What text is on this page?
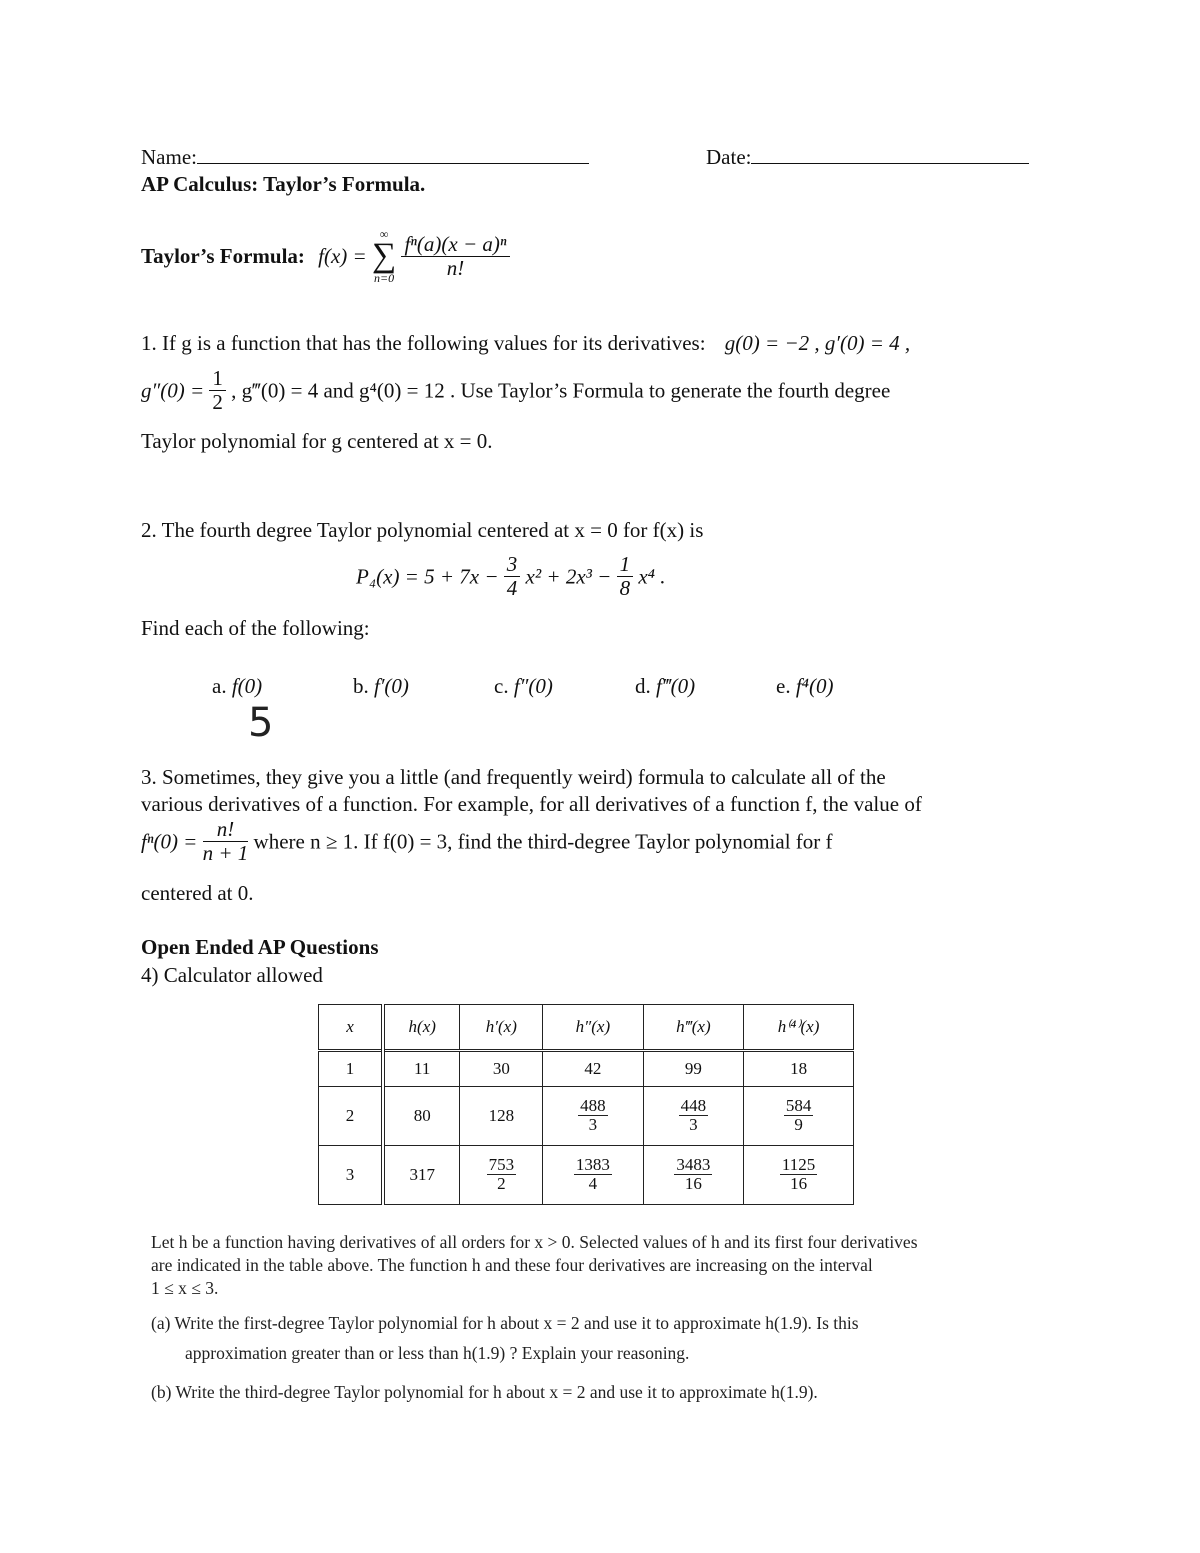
Name:	Date:
AP Calculus: Taylor’s Formula.
Taylor’s Formula: f(x) =
∞
∑
n=0
$\frac{\text{fⁿ(a)(x − a)ⁿ}}{n!}$
1. If g is a function that has the following values for its derivatives: g(0) = −2 , g′(0) = 4 ,
$g''(0) = \frac{1}{2}$ , g‴(0) = 4 and g⁴(0) = 12 . Use Taylor’s Formula to generate the fourth degree
Taylor polynomial for g centered at x = 0.
2. The fourth degree Taylor polynomial centered at x = 0 for f(x) is
$P_4(x) = 5 + 7x - \frac{3}{4} x^2 + 2x^3 - \frac{1}{8} x^4$ .
Find each of the following:
a. f(0)	b. f′(0)	c. f″(0)	d. f‴(0)	e. f⁴(0)
5
3. Sometimes, they give you a little (and frequently weird) formula to calculate all of the
various derivatives of a function. For example, for all derivatives of a function f, the value of
$f^n(0) = \frac{n!}{n + 1}$ where n ≥ 1. If f(0) = 3, find the third-degree Taylor polynomial for f
centered at 0.
Open Ended AP Questions
4) Calculator allowed
x	h(x)	h′(x)	h″(x)	h‴(x)	h⁽⁴⁾(x)
1	11	30	42	99	18
2	80	128	$\frac{488}{3}$	$\frac{448}{3}$	$\frac{584}{9}$

3	317	$\frac{753}{2}$	$\frac{1383}{4}$	$\frac{3483}{16}$	$\frac{1125}{16}$
Let h be a function having derivatives of all orders for x > 0. Selected values of h and its first four derivatives
are indicated in the table above. The function h and these four derivatives are increasing on the interval
1 ≤ x ≤ 3.
(a) Write the first-degree Taylor polynomial for h about x = 2 and use it to approximate h(1.9). Is this
approximation greater than or less than h(1.9) ? Explain your reasoning.
(b) Write the third-degree Taylor polynomial for h about x = 2 and use it to approximate h(1.9).
